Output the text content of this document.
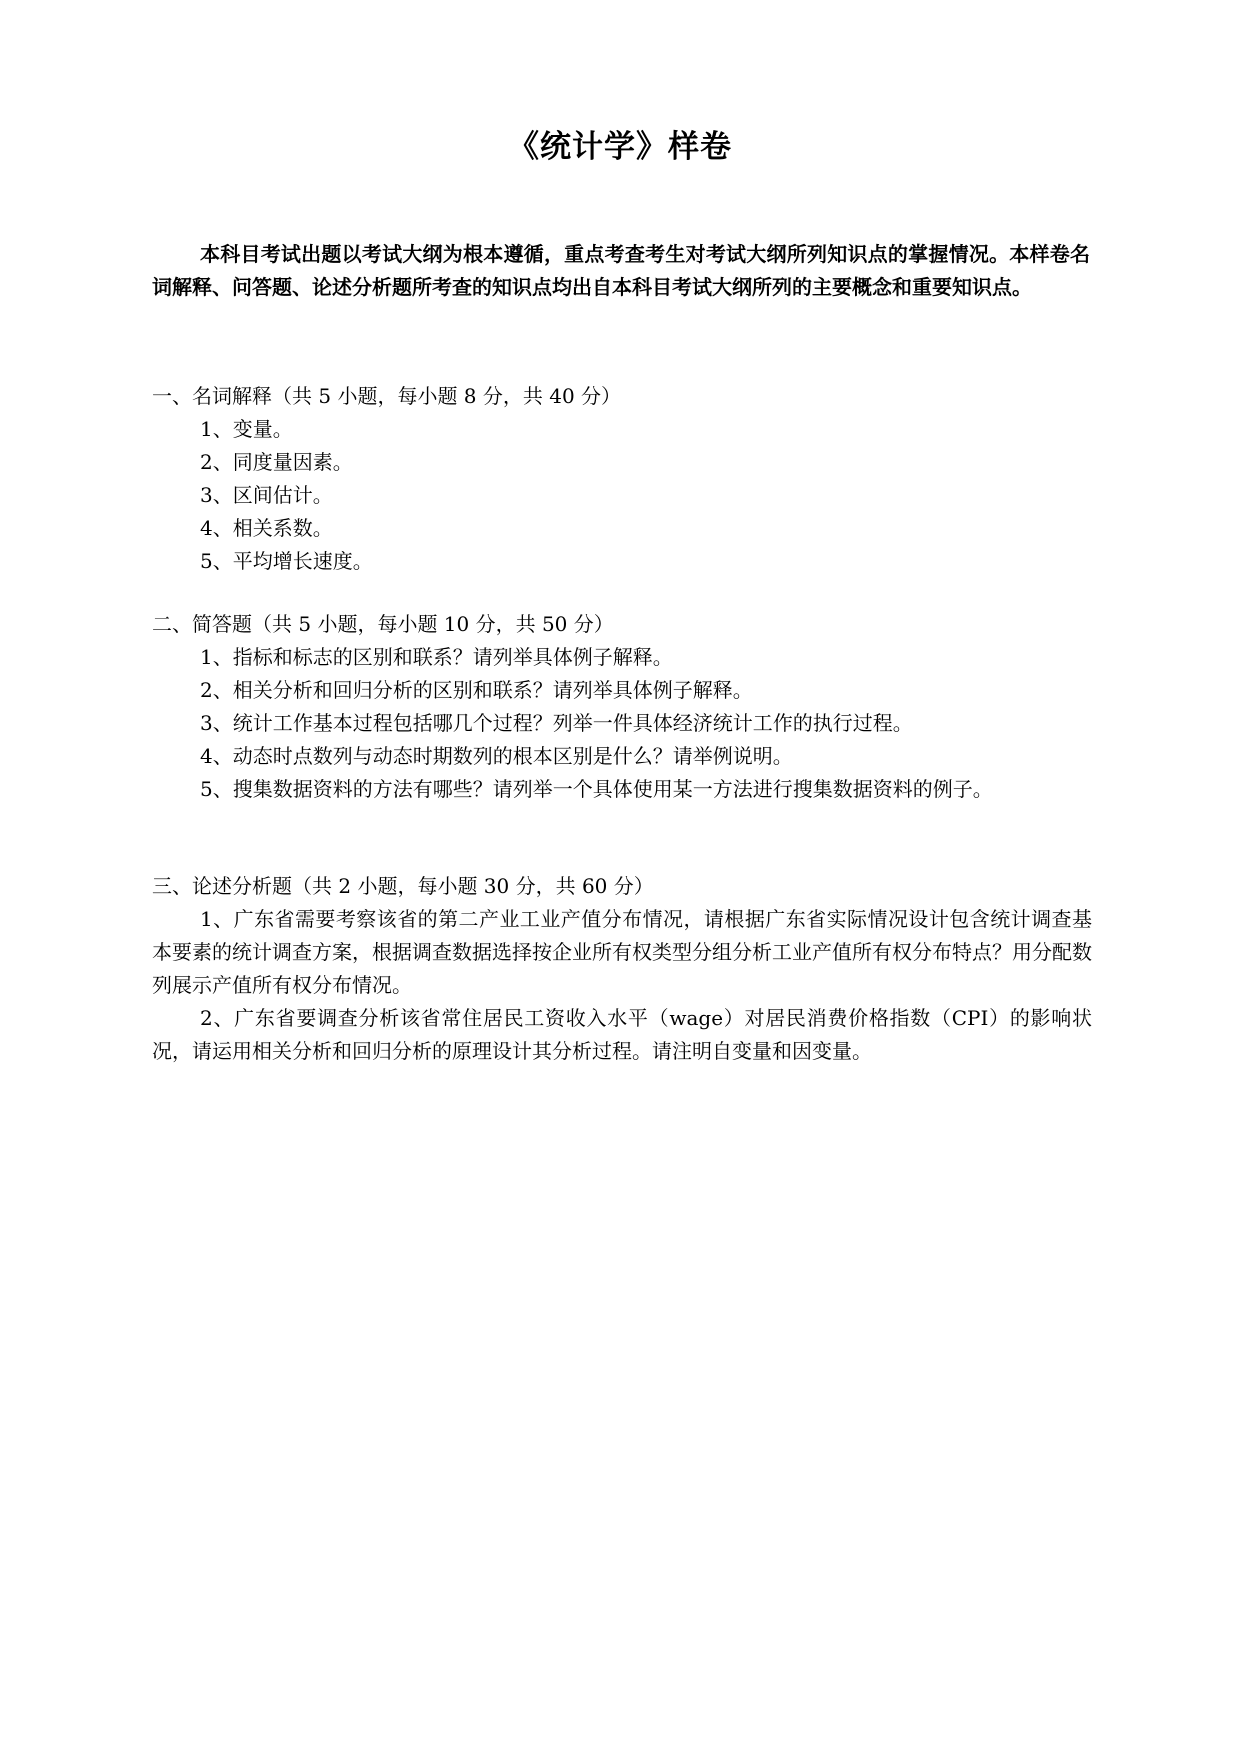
《统计学》样卷

本科目考试出题以考试大纲为根本遵循，重点考查考生对考试大纲所列知识点的掌握情况。本样卷名词解释、问答题、论述分析题所考查的知识点均出自本科目考试大纲所列的主要概念和重要知识点。

一、名词解释（共 5 小题，每小题 8 分，共 40 分）

1、变量。

2、同度量因素。

3、区间估计。

4、相关系数。

5、平均增长速度。

二、简答题（共 5 小题，每小题 10 分，共 50 分）

1、指标和标志的区别和联系？请列举具体例子解释。

2、相关分析和回归分析的区别和联系？请列举具体例子解释。

3、统计工作基本过程包括哪几个过程？列举一件具体经济统计工作的执行过程。

4、动态时点数列与动态时期数列的根本区别是什么？请举例说明。

5、搜集数据资料的方法有哪些？请列举一个具体使用某一方法进行搜集数据资料的例子。

三、论述分析题（共 2 小题，每小题 30 分，共 60 分）

1、广东省需要考察该省的第二产业工业产值分布情况，请根据广东省实际情况设计包含统计调查基本要素的统计调查方案，根据调查数据选择按企业所有权类型分组分析工业产值所有权分布特点？用分配数列展示产值所有权分布情况。

2、广东省要调查分析该省常住居民工资收入水平（wage）对居民消费价格指数（CPI）的影响状况，请运用相关分析和回归分析的原理设计其分析过程。请注明自变量和因变量。
